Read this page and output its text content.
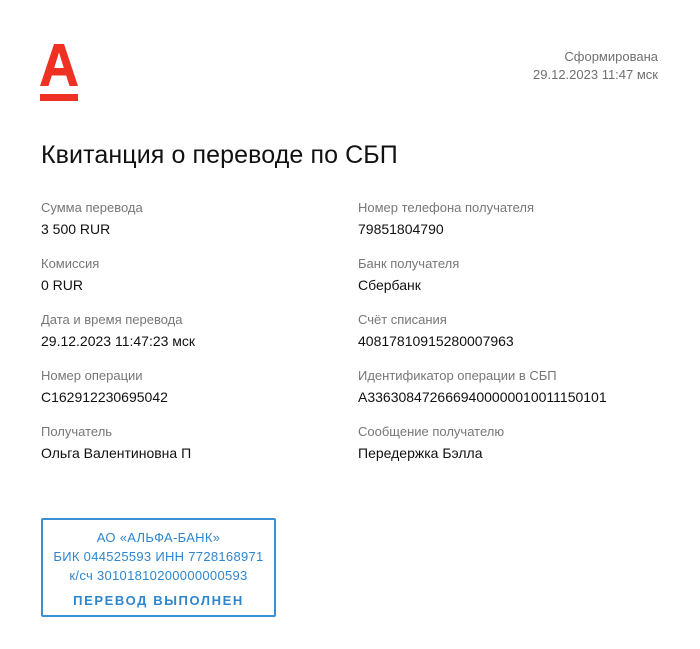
Сформирована
29.12.2023 11:47 мск
Квитанция о переводе по СБП
Сумма перевода
3 500 RUR
Комиссия
0 RUR
Дата и время перевода
29.12.2023 11:47:23 мск
Номер операции
C162912230695042
Получатель
Ольга Валентиновна П
Номер телефона получателя
79851804790
Банк получателя
Сбербанк
Счёт списания
40817810915280007963
Идентификатор операции в СБП
A3363084726669400000010011150101
Сообщение получателю
Передержка Бэлла
АО «АЛЬФА-БАНК»
БИК 044525593 ИНН 7728168971
к/сч 30101810200000000593
ПЕРЕВОД ВЫПОЛНЕН
